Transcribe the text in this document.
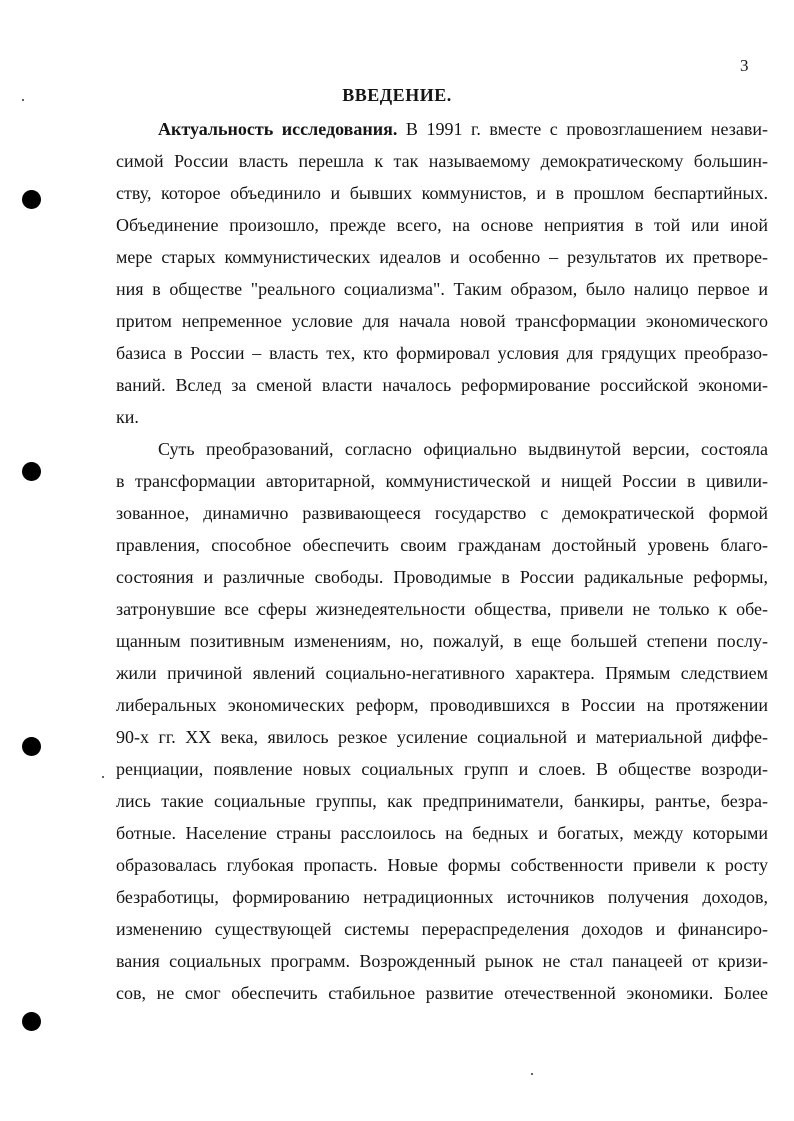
3
ВВЕДЕНИЕ.
Актуальность исследования. В 1991 г. вместе с провозглашением незави-
симой России власть перешла к так называемому демократическому большин-
ству, которое объединило и бывших коммунистов, и в прошлом беспартийных.
Объединение произошло, прежде всего, на основе неприятия в той или иной
мере старых коммунистических идеалов и особенно – результатов их претворе-
ния в обществе "реального социализма". Таким образом, было налицо первое и
притом непременное условие для начала новой трансформации экономического
базиса в России – власть тех, кто формировал условия для грядущих преобразо-
ваний. Вслед за сменой власти началось реформирование российской экономи-
ки.
Суть преобразований, согласно официально выдвинутой версии, состояла
в трансформации авторитарной, коммунистической и нищей России в цивили-
зованное, динамично развивающееся государство с демократической формой
правления, способное обеспечить своим гражданам достойный уровень благо-
состояния и различные свободы. Проводимые в России радикальные реформы,
затронувшие все сферы жизнедеятельности общества, привели не только к обе-
щанным позитивным изменениям, но, пожалуй, в еще большей степени послу-
жили причиной явлений социально-негативного характера. Прямым следствием
либеральных экономических реформ, проводившихся в России на протяжении
90-х гг. XX века, явилось резкое усиление социальной и материальной диффе-
ренциации, появление новых социальных групп и слоев. В обществе возроди-
лись такие социальные группы, как предприниматели, банкиры, рантье, безра-
ботные. Население страны расслоилось на бедных и богатых, между которыми
образовалась глубокая пропасть. Новые формы собственности привели к росту
безработицы, формированию нетрадиционных источников получения доходов,
изменению существующей системы перераспределения доходов и финансиро-
вания социальных программ. Возрожденный рынок не стал панацеей от кризи-
сов, не смог обеспечить стабильное развитие отечественной экономики. Более
